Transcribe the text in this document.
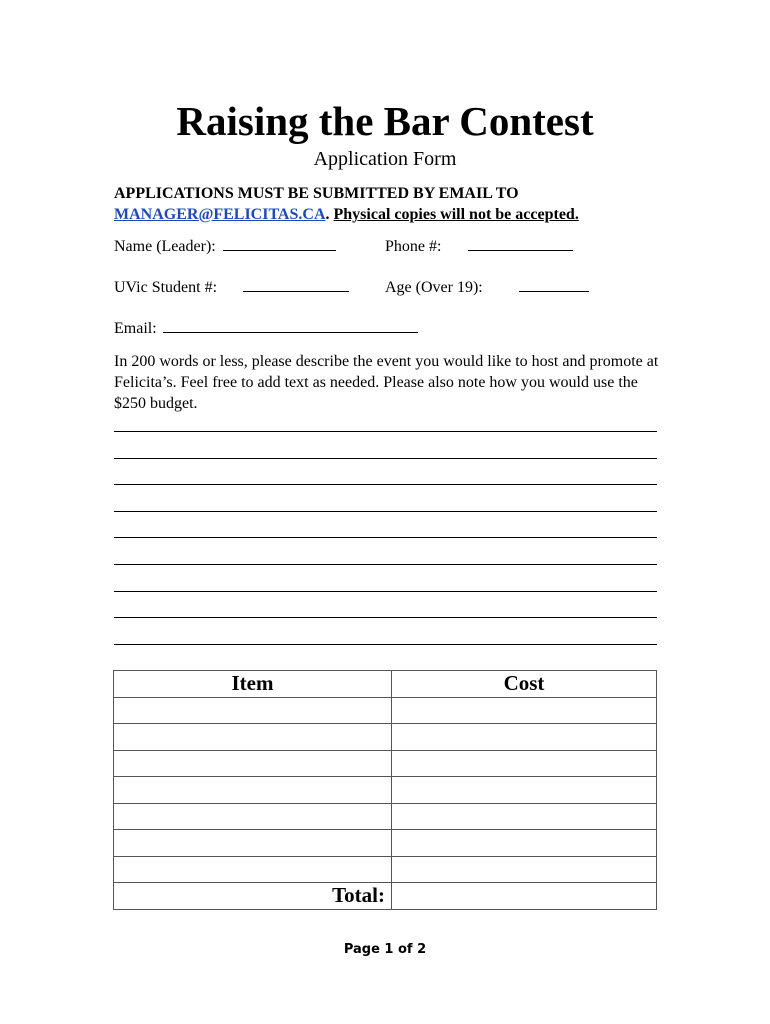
Raising the Bar Contest
Application Form
APPLICATIONS MUST BE SUBMITTED BY EMAIL TO
MANAGER@FELICITAS.CA. Physical copies will not be accepted.
Name (Leader):	Phone #:
UVic Student #:	Age (Over 19):
Email:
In 200 words or less, please describe the event you would like to host and promote at Felicita’s. Feel free to add text as needed. Please also note how you would use the $250 budget.
Item	Cost

Total:	
Page 1 of 2
